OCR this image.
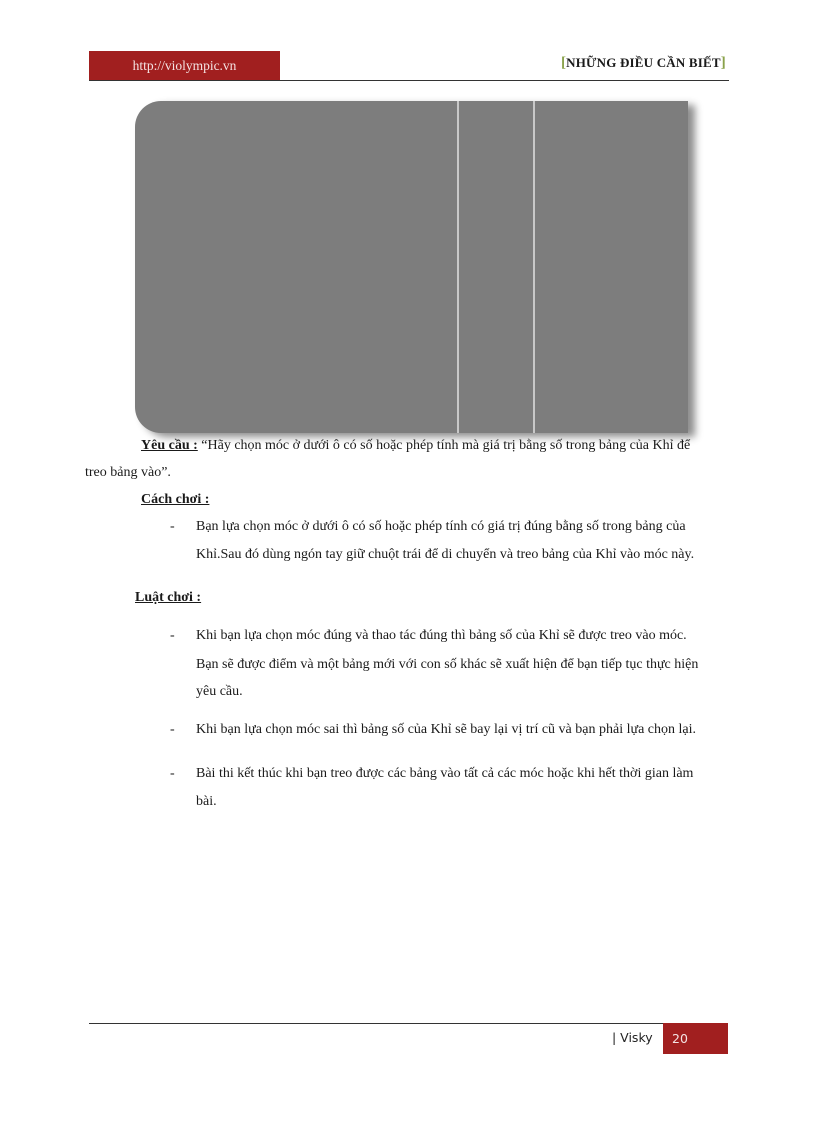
http://violympic.vn	[NHỮNG ĐIỀU CẦN BIẾT]
Yêu cầu : “Hãy chọn móc ở dưới ô có số hoặc phép tính mà giá trị bằng số trong bảng của Khỉ để
treo bảng vào”.
Cách chơi :
- Bạn lựa chọn móc ở dưới ô có số hoặc phép tính có giá trị đúng bằng số trong bảng của
Khỉ.Sau đó dùng ngón tay giữ chuột trái để di chuyển và treo bảng của Khỉ vào móc này.
Luật chơi :
- Khi bạn lựa chọn móc đúng và thao tác đúng thì bảng số của Khỉ sẽ được treo vào móc.
Bạn sẽ được điểm và một bảng mới với con số khác sẽ xuất hiện để bạn tiếp tục thực hiện
yêu cầu.
- Khi bạn lựa chọn móc sai thì bảng số của Khỉ sẽ bay lại vị trí cũ và bạn phải lựa chọn lại.
- Bài thi kết thúc khi bạn treo được các bảng vào tất cả các móc hoặc khi hết thời gian làm
bài.
| Visky	20
